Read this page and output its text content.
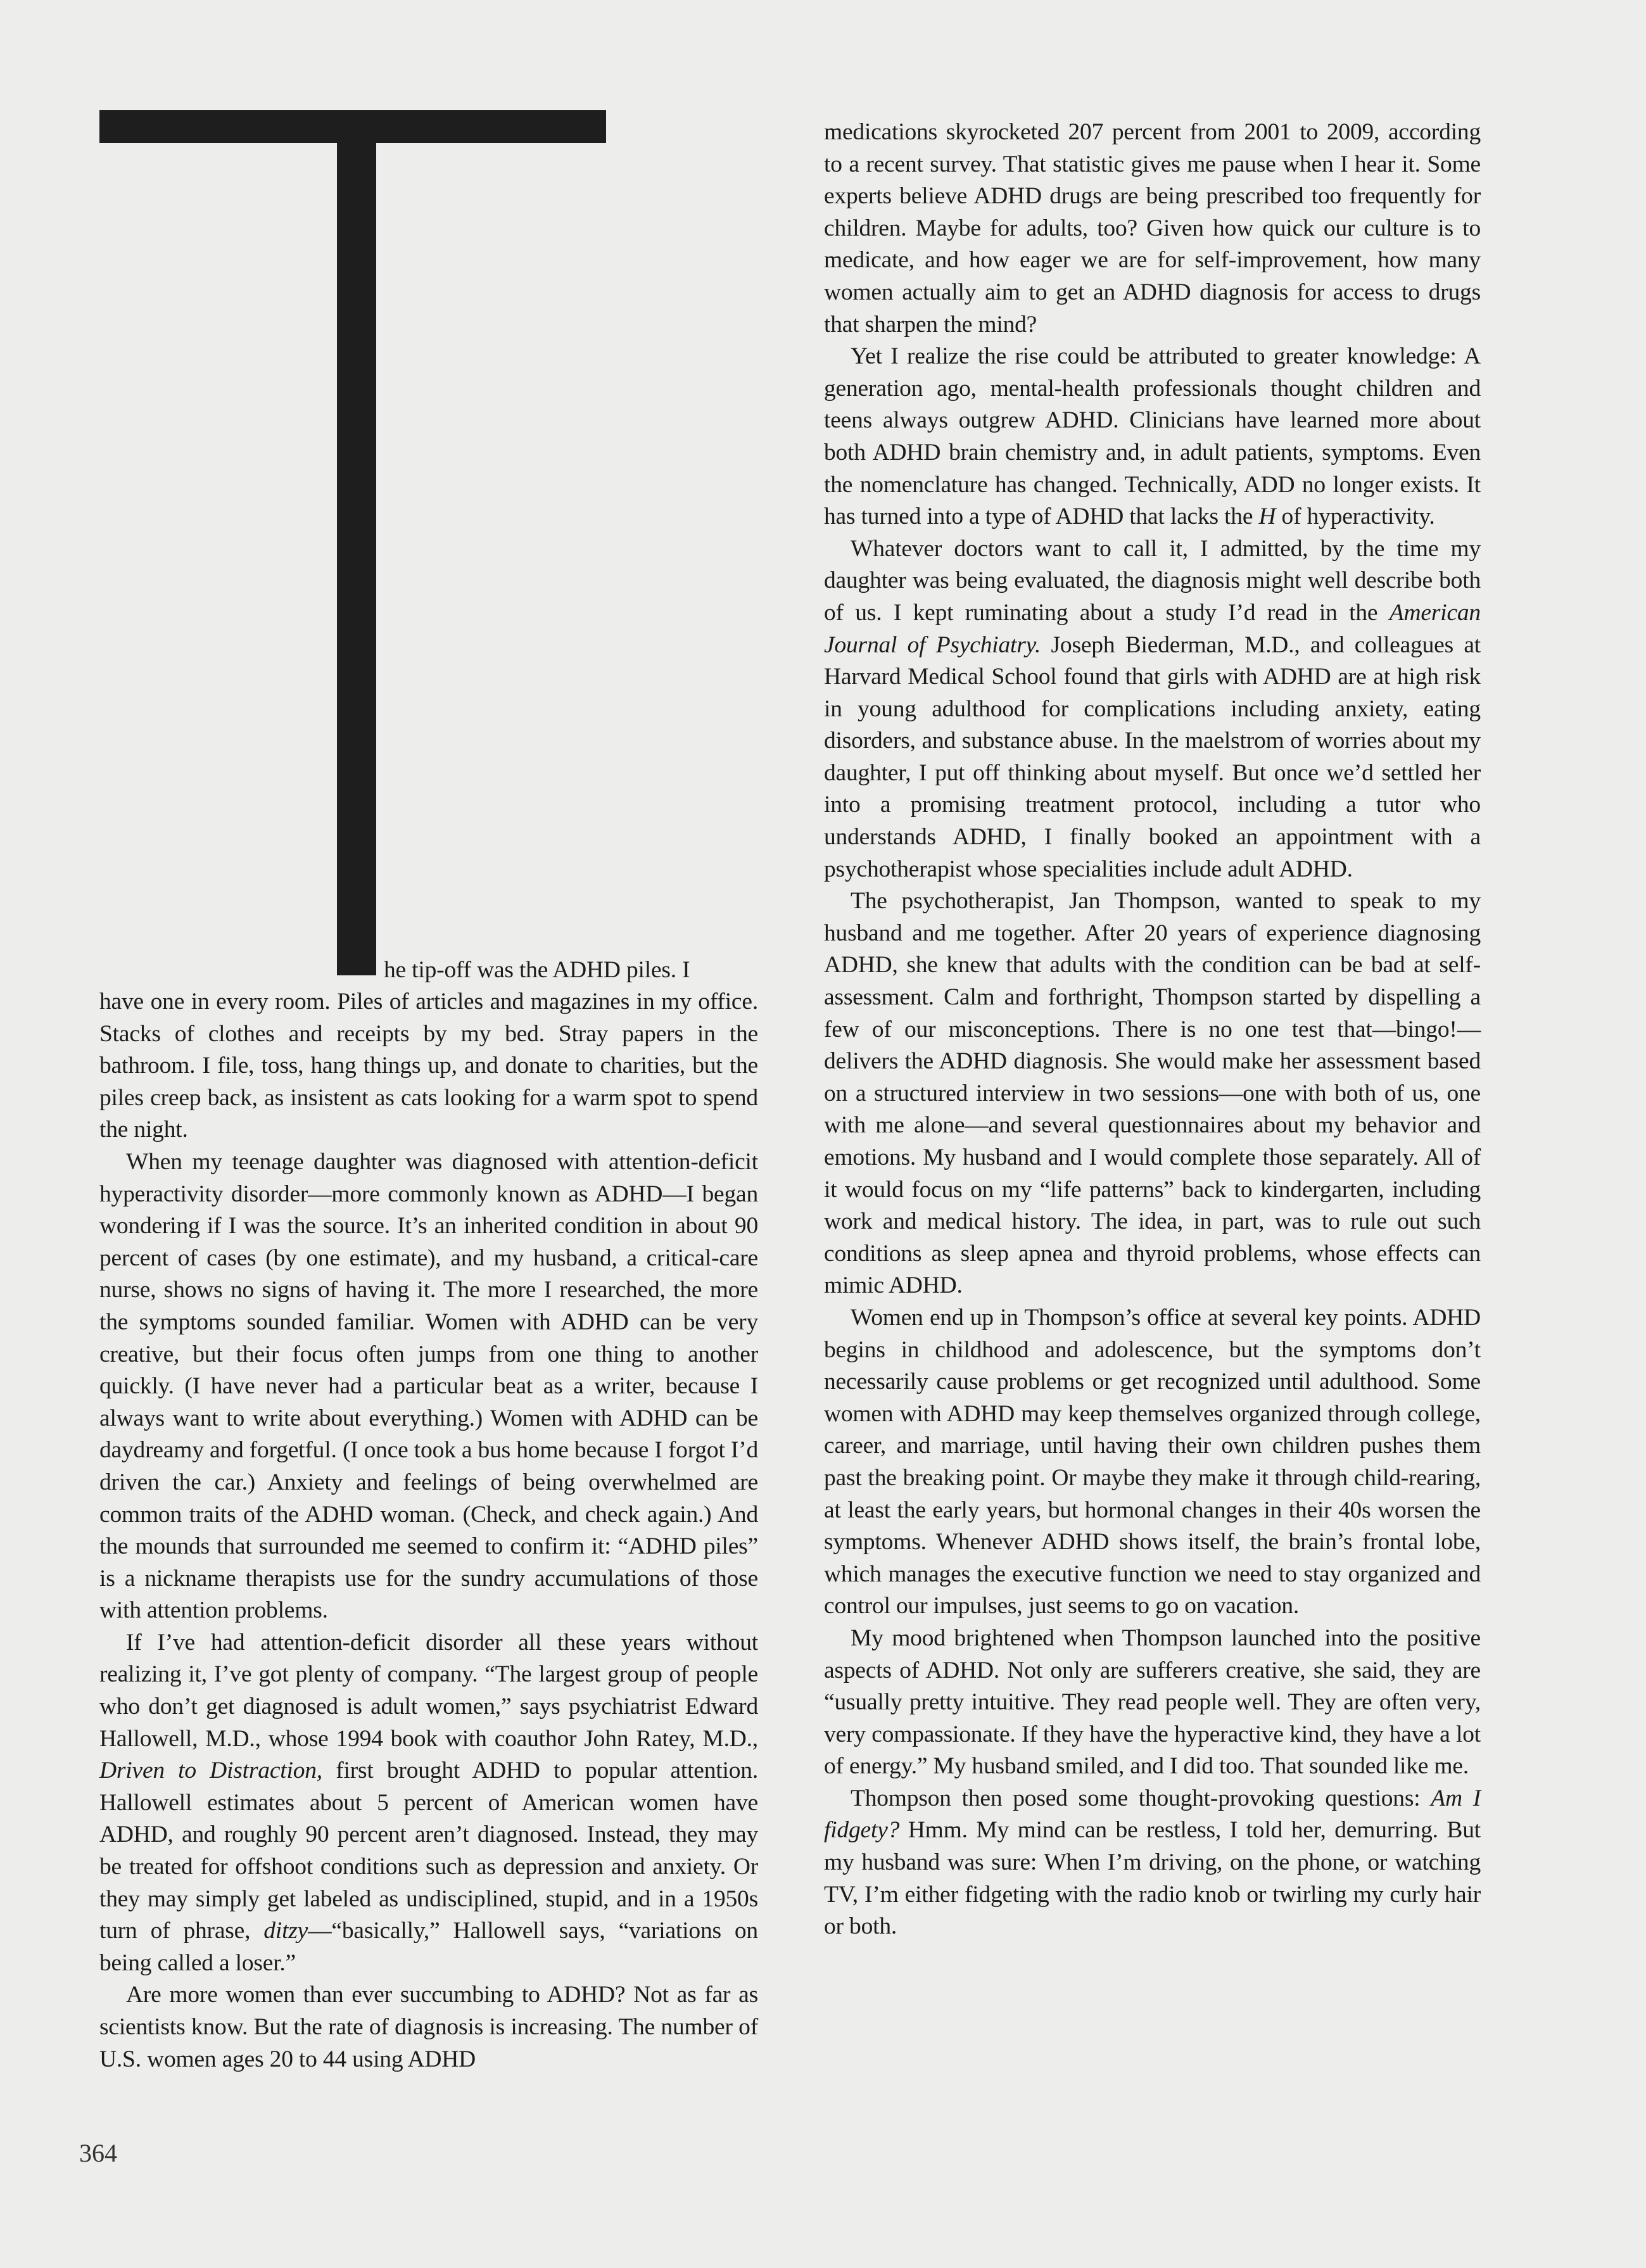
he tip-off was the ADHD piles. I

have one in every room. Piles of articles and magazines in my office. Stacks of clothes and receipts by my bed. Stray papers in the bathroom. I file, toss, hang things up, and donate to charities, but the piles creep back, as insistent as cats looking for a warm spot to spend the night.

When my teenage daughter was diagnosed with attention-deficit hyperactivity disorder—more commonly known as ADHD—I began wondering if I was the source. It’s an inherited condition in about 90 percent of cases (by one estimate), and my husband, a critical-care nurse, shows no signs of having it. The more I researched, the more the symptoms sounded familiar. Women with ADHD can be very creative, but their focus often jumps from one thing to another quickly. (I have never had a particular beat as a writer, because I always want to write about everything.) Women with ADHD can be daydreamy and forgetful. (I once took a bus home because I forgot I’d driven the car.) Anxiety and feelings of being overwhelmed are common traits of the ADHD woman. (Check, and check again.) And the mounds that surrounded me seemed to confirm it: “ADHD piles” is a nickname therapists use for the sundry accumulations of those with attention problems.

If I’ve had attention-deficit disorder all these years without realizing it, I’ve got plenty of company. “The largest group of people who don’t get diagnosed is adult women,” says psychiatrist Edward Hallowell, M.D., whose 1994 book with coauthor John Ratey, M.D., Driven to Distraction, first brought ADHD to popular attention. Hallowell estimates about 5 percent of American women have ADHD, and roughly 90 percent aren’t diagnosed. Instead, they may be treated for offshoot conditions such as depression and anxiety. Or they may simply get labeled as undisciplined, stupid, and in a 1950s turn of phrase, ditzy—“basically,” Hallowell says, “variations on being called a loser.”

Are more women than ever succumbing to ADHD? Not as far as scientists know. But the rate of diagnosis is increasing. The number of U.S. women ages 20 to 44 using ADHD

medications skyrocketed 207 percent from 2001 to 2009, according to a recent survey. That statistic gives me pause when I hear it. Some experts believe ADHD drugs are being prescribed too frequently for children. Maybe for adults, too? Given how quick our culture is to medicate, and how eager we are for self-improvement, how many women actually aim to get an ADHD diagnosis for access to drugs that sharpen the mind?

Yet I realize the rise could be attributed to greater knowledge: A generation ago, mental-health professionals thought children and teens always outgrew ADHD. Clinicians have learned more about both ADHD brain chemistry and, in adult patients, symptoms. Even the nomenclature has changed. Technically, ADD no longer exists. It has turned into a type of ADHD that lacks the H of hyperactivity.

Whatever doctors want to call it, I admitted, by the time my daughter was being evaluated, the diagnosis might well describe both of us. I kept ruminating about a study I’d read in the American Journal of Psychiatry. Joseph Biederman, M.D., and colleagues at Harvard Medical School found that girls with ADHD are at high risk in young adulthood for complications including anxiety, eating disorders, and substance abuse. In the maelstrom of worries about my daughter, I put off thinking about myself. But once we’d settled her into a promising treatment protocol, including a tutor who understands ADHD, I finally booked an appointment with a psychotherapist whose specialities include adult ADHD.

The psychotherapist, Jan Thompson, wanted to speak to my husband and me together. After 20 years of experience diagnosing ADHD, she knew that adults with the condition can be bad at self-assessment. Calm and forthright, Thompson started by dispelling a few of our misconceptions. There is no one test that—bingo!—delivers the ADHD diagnosis. She would make her assessment based on a structured interview in two sessions—one with both of us, one with me alone—and several questionnaires about my behavior and emotions. My husband and I would complete those separately. All of it would focus on my “life patterns” back to kindergarten, including work and medical history. The idea, in part, was to rule out such conditions as sleep apnea and thyroid problems, whose effects can mimic ADHD.

Women end up in Thompson’s office at several key points. ADHD begins in childhood and adolescence, but the symptoms don’t necessarily cause problems or get recognized until adulthood. Some women with ADHD may keep themselves organized through college, career, and marriage, until having their own children pushes them past the breaking point. Or maybe they make it through child-rearing, at least the early years, but hormonal changes in their 40s worsen the symptoms. Whenever ADHD shows itself, the brain’s frontal lobe, which manages the executive function we need to stay organized and control our impulses, just seems to go on vacation.

My mood brightened when Thompson launched into the positive aspects of ADHD. Not only are sufferers creative, she said, they are “usually pretty intuitive. They read people well. They are often very, very compassionate. If they have the hyperactive kind, they have a lot of energy.” My husband smiled, and I did too. That sounded like me.

Thompson then posed some thought-provoking questions: Am I fidgety? Hmm. My mind can be restless, I told her, demurring. But my husband was sure: When I’m driving, on the phone, or watching TV, I’m either fidgeting with the radio knob or twirling my curly hair or both.

364
